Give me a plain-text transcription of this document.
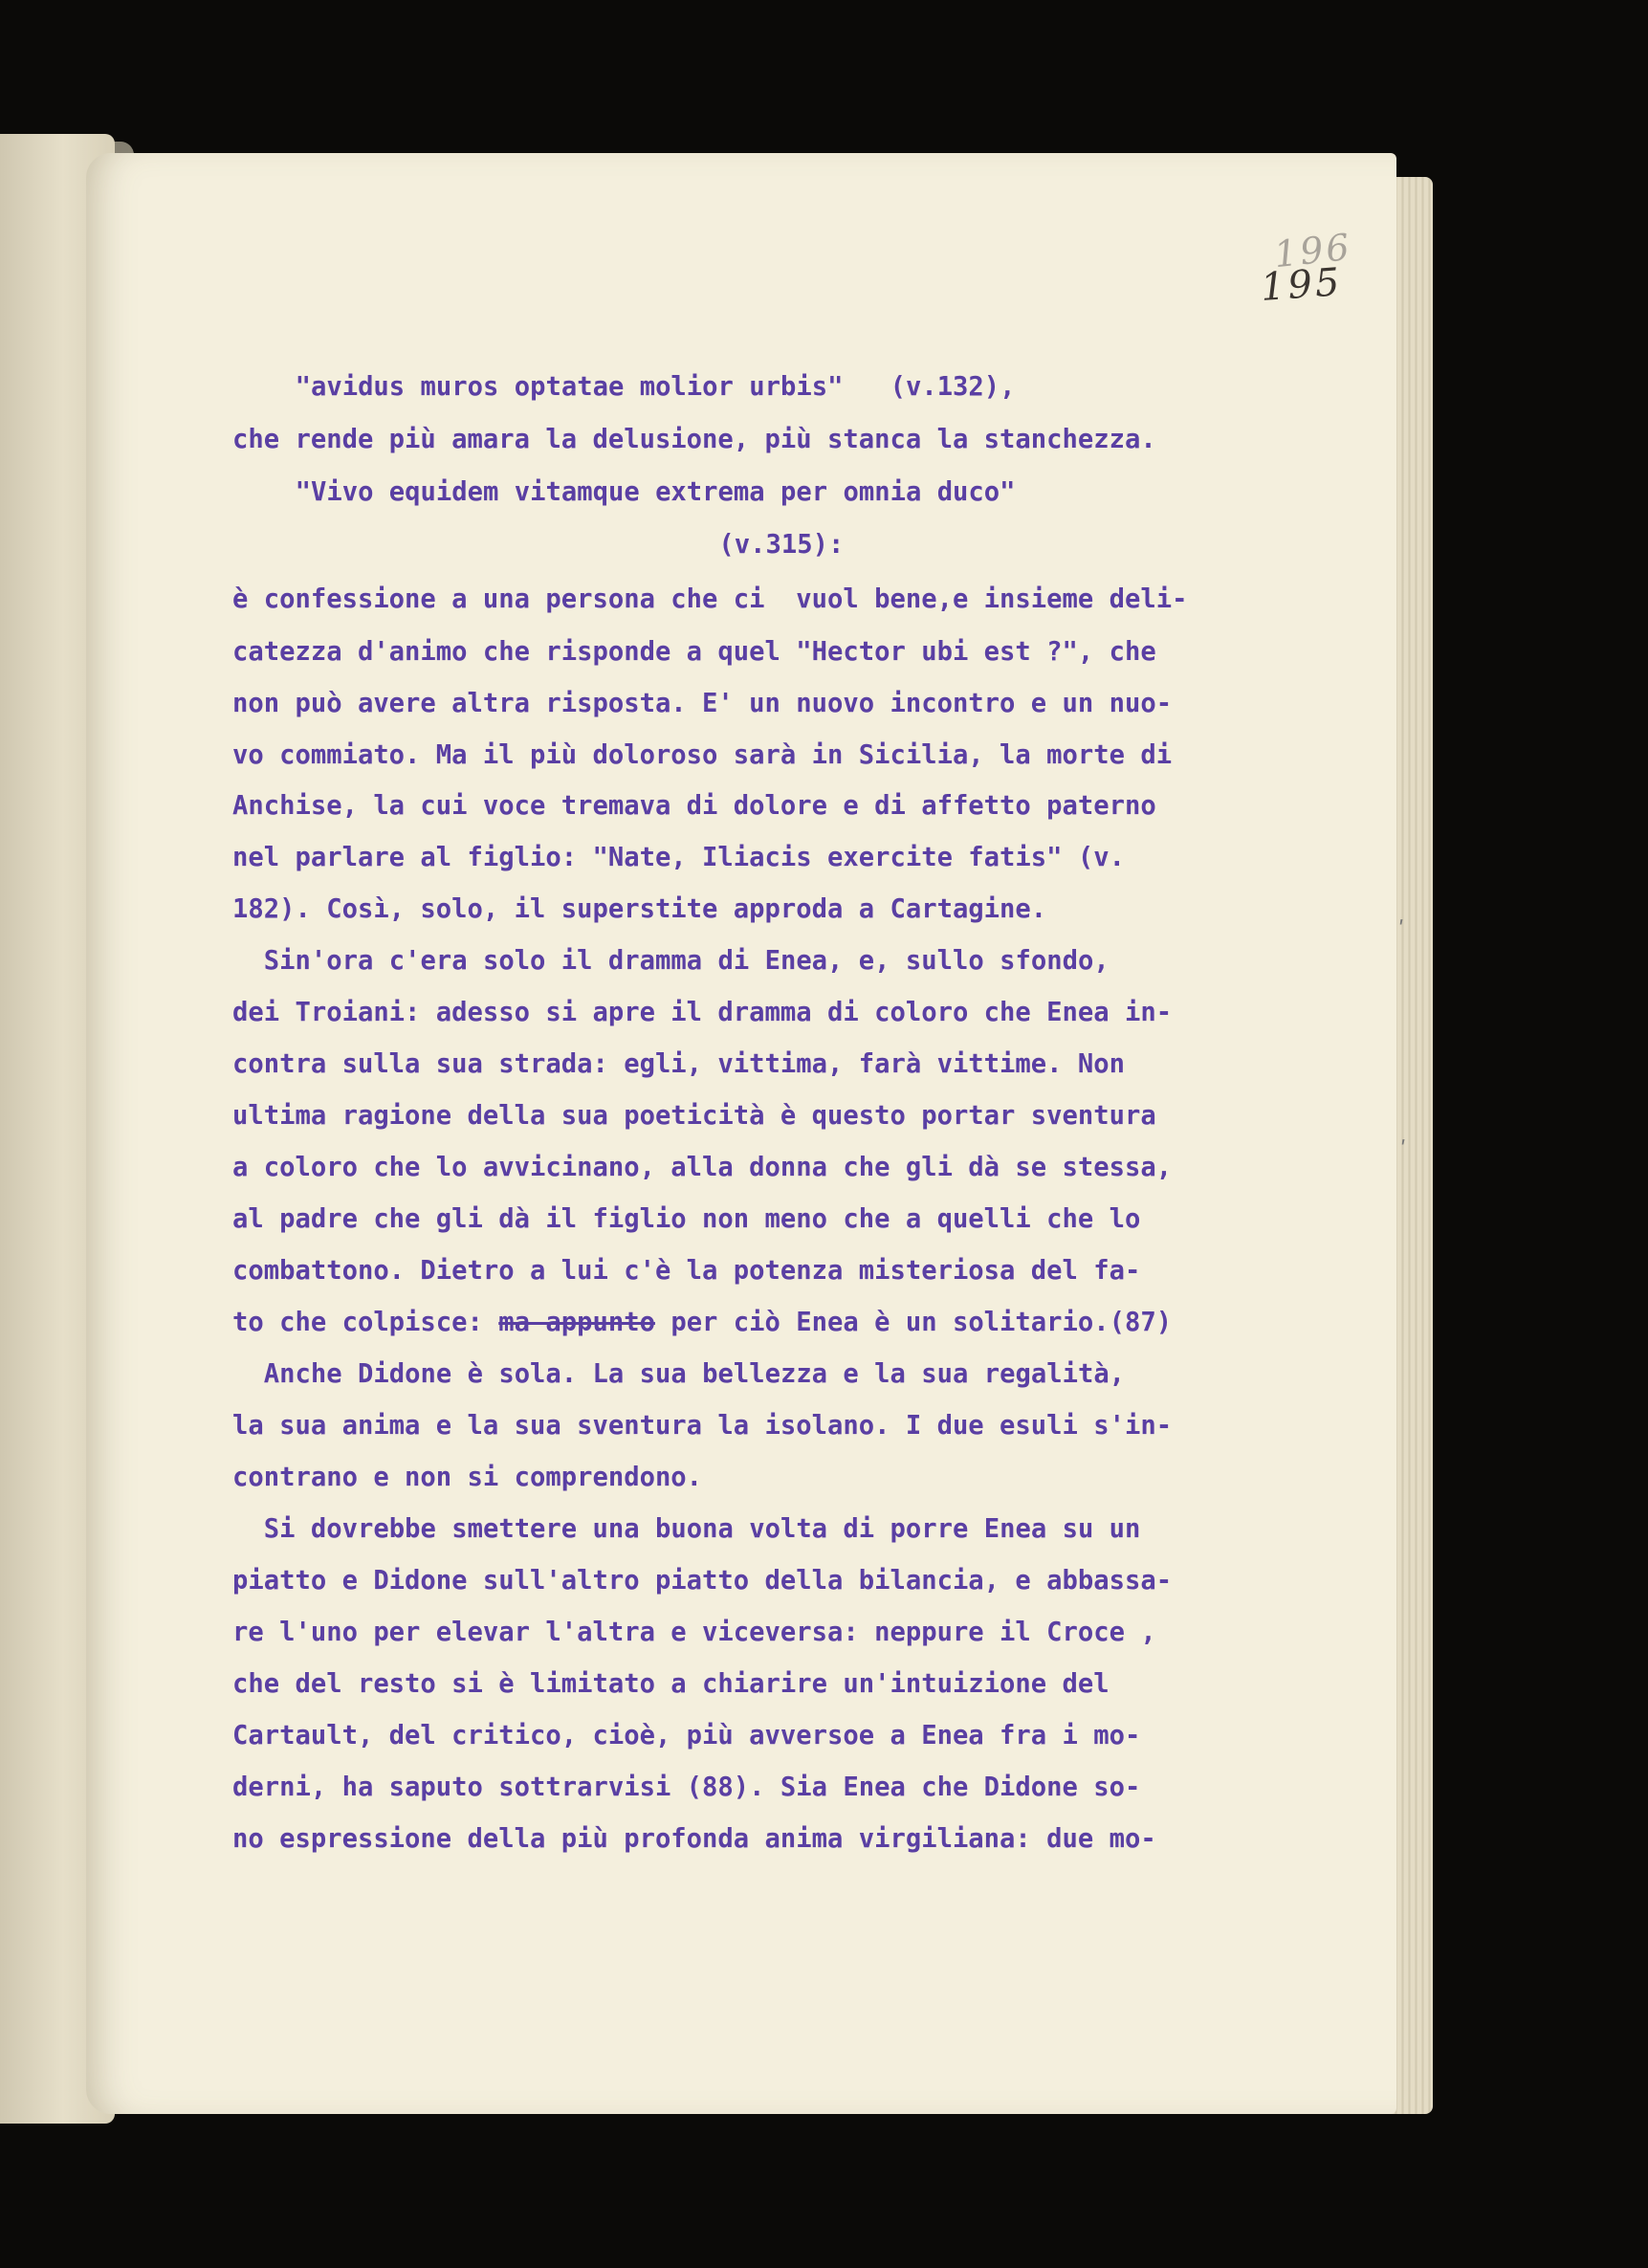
196
195
ʹ
ʹ
"avidus muros optatae molior urbis"   (v.132),
che rende più amara la delusione, più stanca la stanchezza.
"Vivo equidem vitamque extrema per omnia duco"
(v.315):
è confessione a una persona che ci  vuol bene,e insieme deli-
catezza d'animo che risponde a quel "Hector ubi est ?", che
non può avere altra risposta. E' un nuovo incontro e un nuo-
vo commiato. Ma il più doloroso sarà in Sicilia, la morte di
Anchise, la cui voce tremava di dolore e di affetto paterno
nel parlare al figlio: "Nate, Iliacis exercite fatis" (v.
182). Così, solo, il superstite approda a Cartagine.
Sin'ora c'era solo il dramma di Enea, e, sullo sfondo,
dei Troiani: adesso si apre il dramma di coloro che Enea in-
contra sulla sua strada: egli, vittima, farà vittime. Non
ultima ragione della sua poeticità è questo portar sventura
a coloro che lo avvicinano, alla donna che gli dà se stessa,
al padre che gli dà il figlio non meno che a quelli che lo
combattono. Dietro a lui c'è la potenza misteriosa del fa-
to che colpisce: ma appunto per ciò Enea è un solitario.(87)
Anche Didone è sola. La sua bellezza e la sua regalità,
la sua anima e la sua sventura la isolano. I due esuli s'in-
contrano e non si comprendono.
Si dovrebbe smettere una buona volta di porre Enea su un
piatto e Didone sull'altro piatto della bilancia, e abbassa-
re l'uno per elevar l'altra e viceversa: neppure il Croce ,
che del resto si è limitato a chiarire un'intuizione del
Cartault, del critico, cioè, più avversoe a Enea fra i mo-
derni, ha saputo sottrarvisi (88). Sia Enea che Didone so-
no espressione della più profonda anima virgiliana: due mo-
